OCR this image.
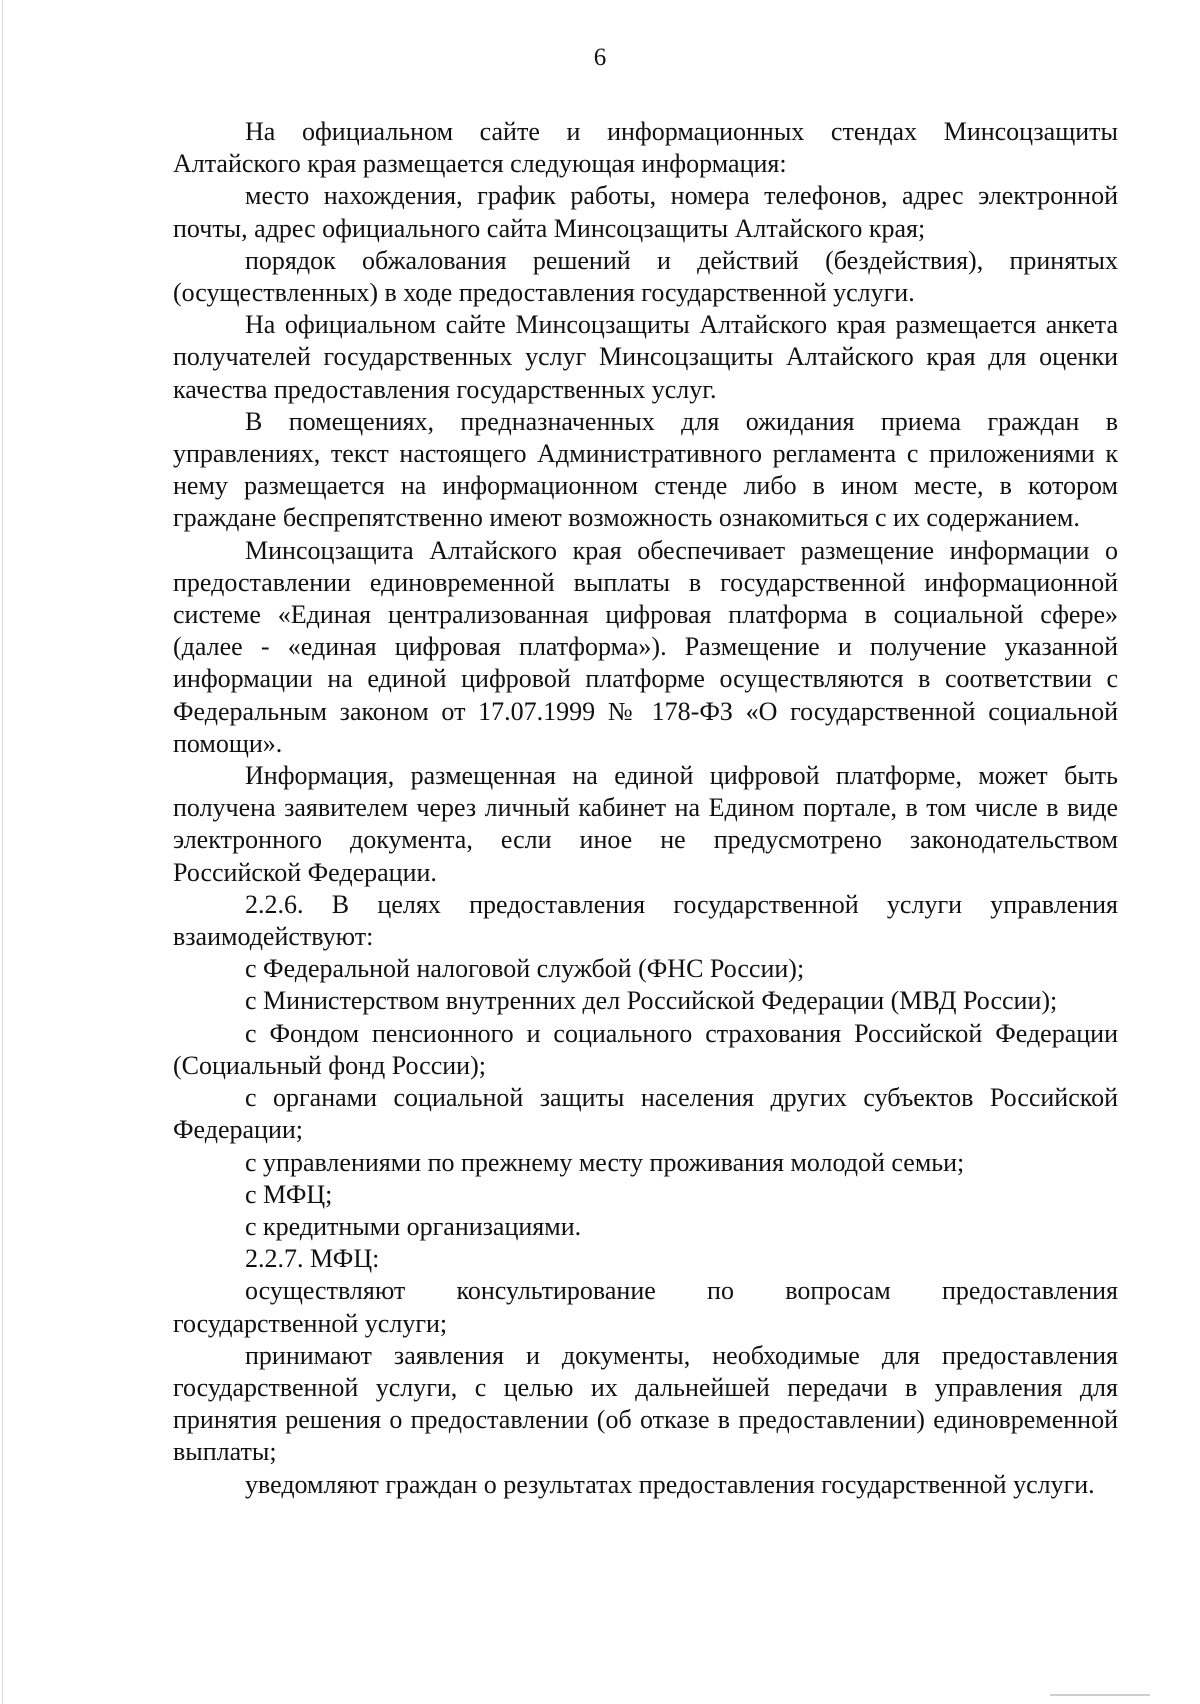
6

На официальном сайте и информационных стендах Минсоцзащиты Алтайского края размещается следующая информация:

место нахождения, график работы, номера телефонов, адрес электронной почты, адрес официального сайта Минсоцзащиты Алтайского края;

порядок обжалования решений и действий (бездействия), принятых (осуществленных) в ходе предоставления государственной услуги.

На официальном сайте Минсоцзащиты Алтайского края размещается анкета получателей государственных услуг Минсоцзащиты Алтайского края для оценки качества предоставления государственных услуг.

В помещениях, предназначенных для ожидания приема граждан в управлениях, текст настоящего Административного регламента с приложениями к нему размещается на информационном стенде либо в ином месте, в котором граждане беспрепятственно имеют возможность ознакомиться с их содержанием.

Минсоцзащита Алтайского края обеспечивает размещение информации о предоставлении единовременной выплаты в государственной информационной системе «Единая централизованная цифровая платформа в социальной сфере» (далее - «единая цифровая платформа»). Размещение и получение указанной информации на единой цифровой платформе осуществляются в соответствии с Федеральным законом от 17.07.1999 № 178-ФЗ «О государственной социальной помощи».

Информация, размещенная на единой цифровой платформе, может быть получена заявителем через личный кабинет на Едином портале, в том числе в виде электронного документа, если иное не предусмотрено законодательством Российской Федерации.

2.2.6. В целях предоставления государственной услуги управления взаимодействуют:

с Федеральной налоговой службой (ФНС России);

с Министерством внутренних дел Российской Федерации (МВД России);

с Фондом пенсионного и социального страхования Российской Федерации (Социальный фонд России);

с органами социальной защиты населения других субъектов Российской Федерации;

с управлениями по прежнему месту проживания молодой семьи;

с МФЦ;

с кредитными организациями.

2.2.7. МФЦ:

осуществляют консультирование по вопросам предоставления государственной услуги;

принимают заявления и документы, необходимые для предоставления государственной услуги, с целью их дальнейшей передачи в управления для принятия решения о предоставлении (об отказе в предоставлении) единовременной выплаты;

уведомляют граждан о результатах предоставления государственной услуги.
